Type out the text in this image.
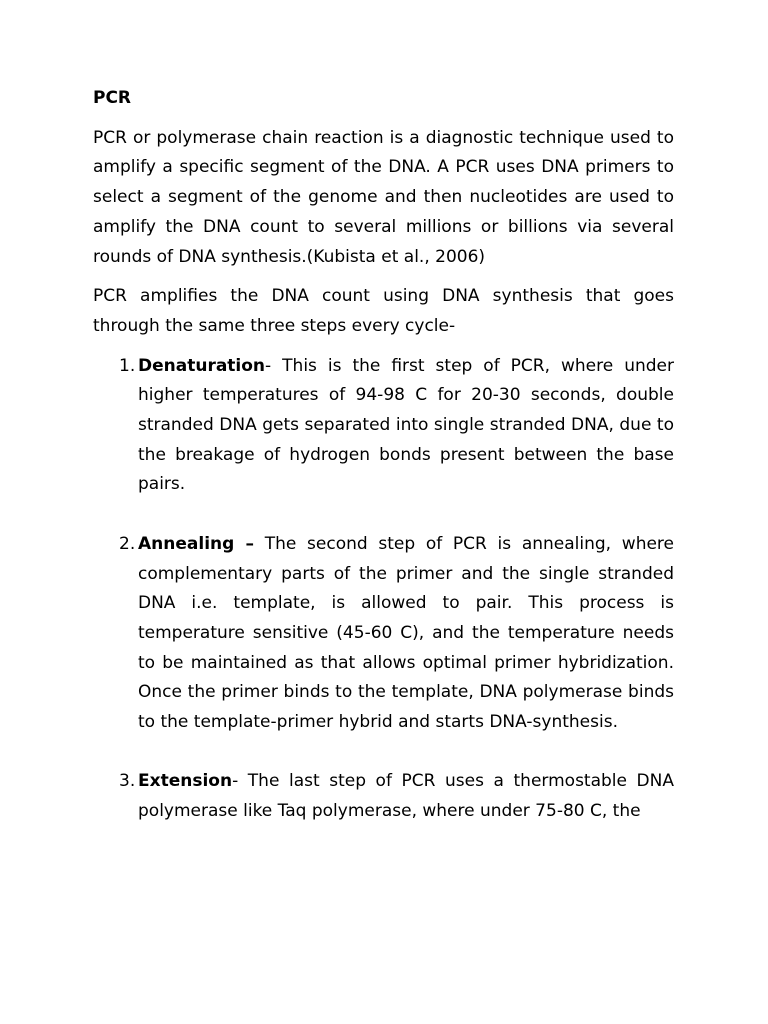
PCR

PCR or polymerase chain reaction is a diagnostic technique used to amplify a specific segment of the DNA. A PCR uses DNA primers to select a segment of the genome and then nucleotides are used to amplify the DNA count to several millions or billions via several rounds of DNA synthesis.(Kubista et al., 2006)

PCR amplifies the DNA count using DNA synthesis that goes through the same three steps every cycle-

1. Denaturation- This is the first step of PCR, where under higher temperatures of 94-98 C for 20-30 seconds, double stranded DNA gets separated into single stranded DNA, due to the breakage of hydrogen bonds present between the base pairs.
2. Annealing – The second step of PCR is annealing, where complementary parts of the primer and the single stranded DNA i.e. template, is allowed to pair. This process is temperature sensitive (45-60 C), and the temperature needs to be maintained as that allows optimal primer hybridization. Once the primer binds to the template, DNA polymerase binds to the template-primer hybrid and starts DNA-synthesis.
3. Extension- The last step of PCR uses a thermostable DNA polymerase like Taq polymerase, where under 75-80 C, the
